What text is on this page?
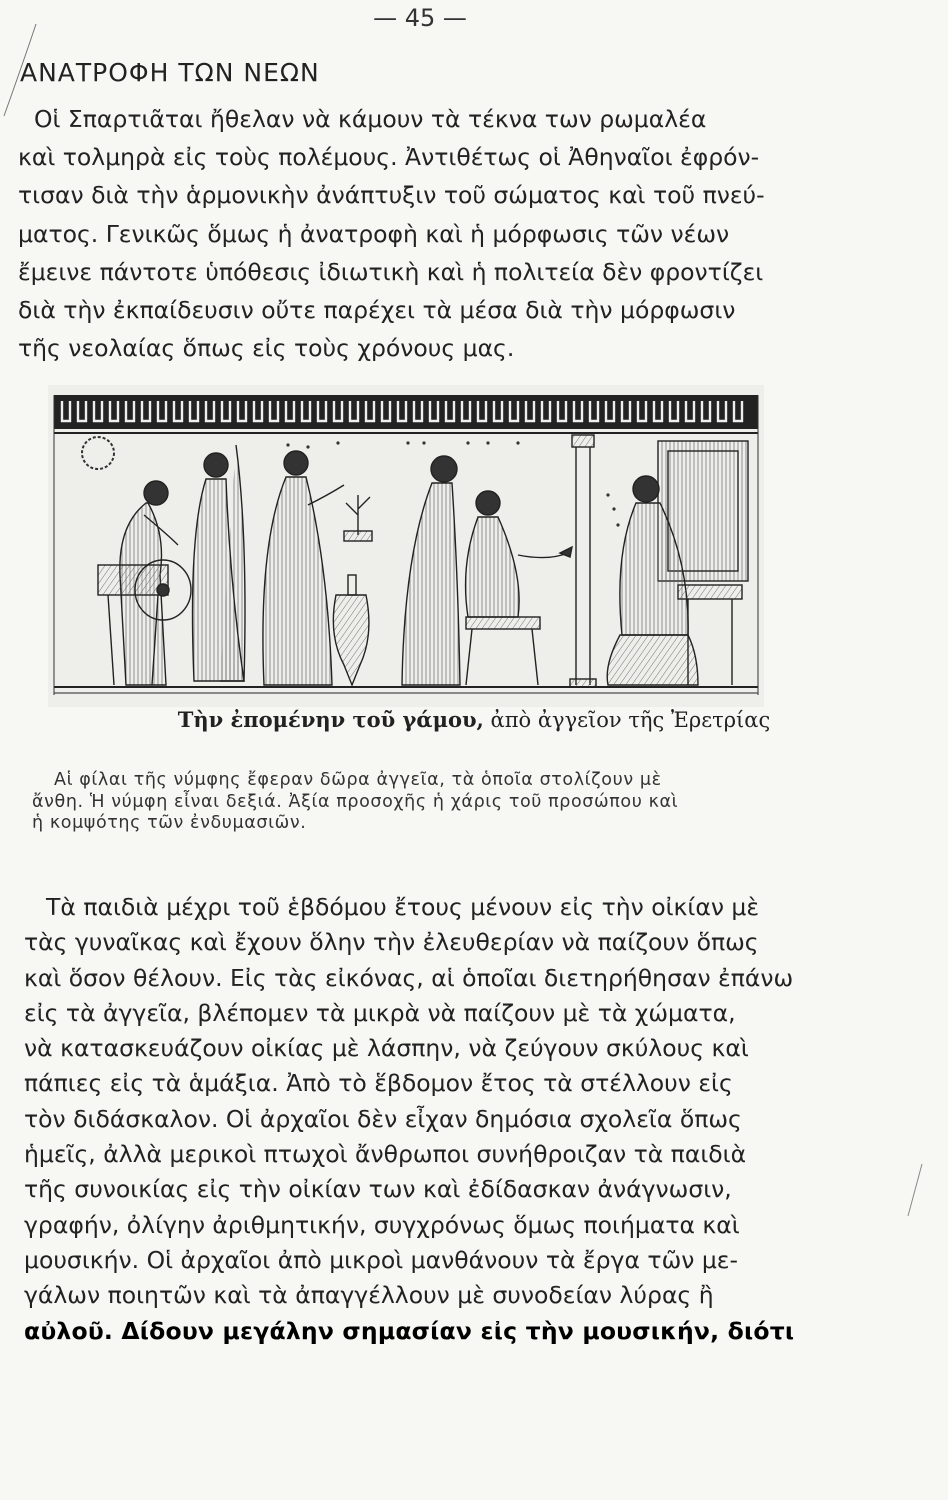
— 45 —
ΑΝΑΤΡΟΦΗ ΤΩΝ ΝΕΩΝ

Οἱ Σπαρτιᾶται ἤθελαν νὰ κάμουν τὰ τέκνα των ρωμαλέα
καὶ τολμηρὰ εἰς τοὺς πολέμους. Ἀντιθέτως οἱ Ἀθηναῖοι ἐφρόν-
τισαν διὰ τὴν ἁρμονικὴν ἀνάπτυξιν τοῦ σώματος καὶ τοῦ πνεύ-
ματος. Γενικῶς ὅμως ἡ ἀνατροφὴ καὶ ἡ μόρφωσις τῶν νέων
ἔμεινε πάντοτε ὑπόθεσις ἰδιωτικὴ καὶ ἡ πολιτεία δὲν φροντίζει
διὰ τὴν ἐκπαίδευσιν οὔτε παρέχει τὰ μέσα διὰ τὴν μόρφωσιν
τῆς νεολαίας ὅπως εἰς τοὺς χρόνους μας.

Τὴν ἐπομένην τοῦ γάμου, ἀπὸ ἀγγεῖον τῆς Ἐρετρίας
Αἱ φίλαι τῆς νύμφης ἔφεραν δῶρα ἀγγεῖα, τὰ ὁποῖα στολίζουν μὲ
ἄνθη. Ἡ νύμφη εἶναι δεξιά. Ἀξία προσοχῆς ἡ χάρις τοῦ προσώπου καὶ
ἡ κομψότης τῶν ἐνδυμασιῶν.

Τὰ παιδιὰ μέχρι τοῦ ἑβδόμου ἔτους μένουν εἰς τὴν οἰκίαν μὲ
τὰς γυναῖκας καὶ ἔχουν ὅλην τὴν ἐλευθερίαν νὰ παίζουν ὅπως
καὶ ὅσον θέλουν. Εἰς τὰς εἰκόνας, αἱ ὁποῖαι διετηρήθησαν ἐπάνω
εἰς τὰ ἀγγεῖα, βλέπομεν τὰ μικρὰ νὰ παίζουν μὲ τὰ χώματα,
νὰ κατασκευάζουν οἰκίας μὲ λάσπην, νὰ ζεύγουν σκύλους καὶ
πάπιες εἰς τὰ ἁμάξια. Ἀπὸ τὸ ἕβδομον ἔτος τὰ στέλλουν εἰς
τὸν διδάσκαλον. Οἱ ἀρχαῖοι δὲν εἶχαν δημόσια σχολεῖα ὅπως
ἡμεῖς, ἀλλὰ μερικοὶ πτωχοὶ ἄνθρωποι συνήθροιζαν τὰ παιδιὰ
τῆς συνοικίας εἰς τὴν οἰκίαν των καὶ ἐδίδασκαν ἀνάγνωσιν,
γραφήν, ὀλίγην ἀριθμητικήν, συγχρόνως ὅμως ποιήματα καὶ
μουσικήν. Οἱ ἀρχαῖοι ἀπὸ μικροὶ μανθάνουν τὰ ἔργα τῶν με-
γάλων ποιητῶν καὶ τὰ ἀπαγγέλλουν μὲ συνοδείαν λύρας ἢ
αὐλοῦ. Δίδουν μεγάλην σημασίαν εἰς τὴν μουσικήν, διότι
